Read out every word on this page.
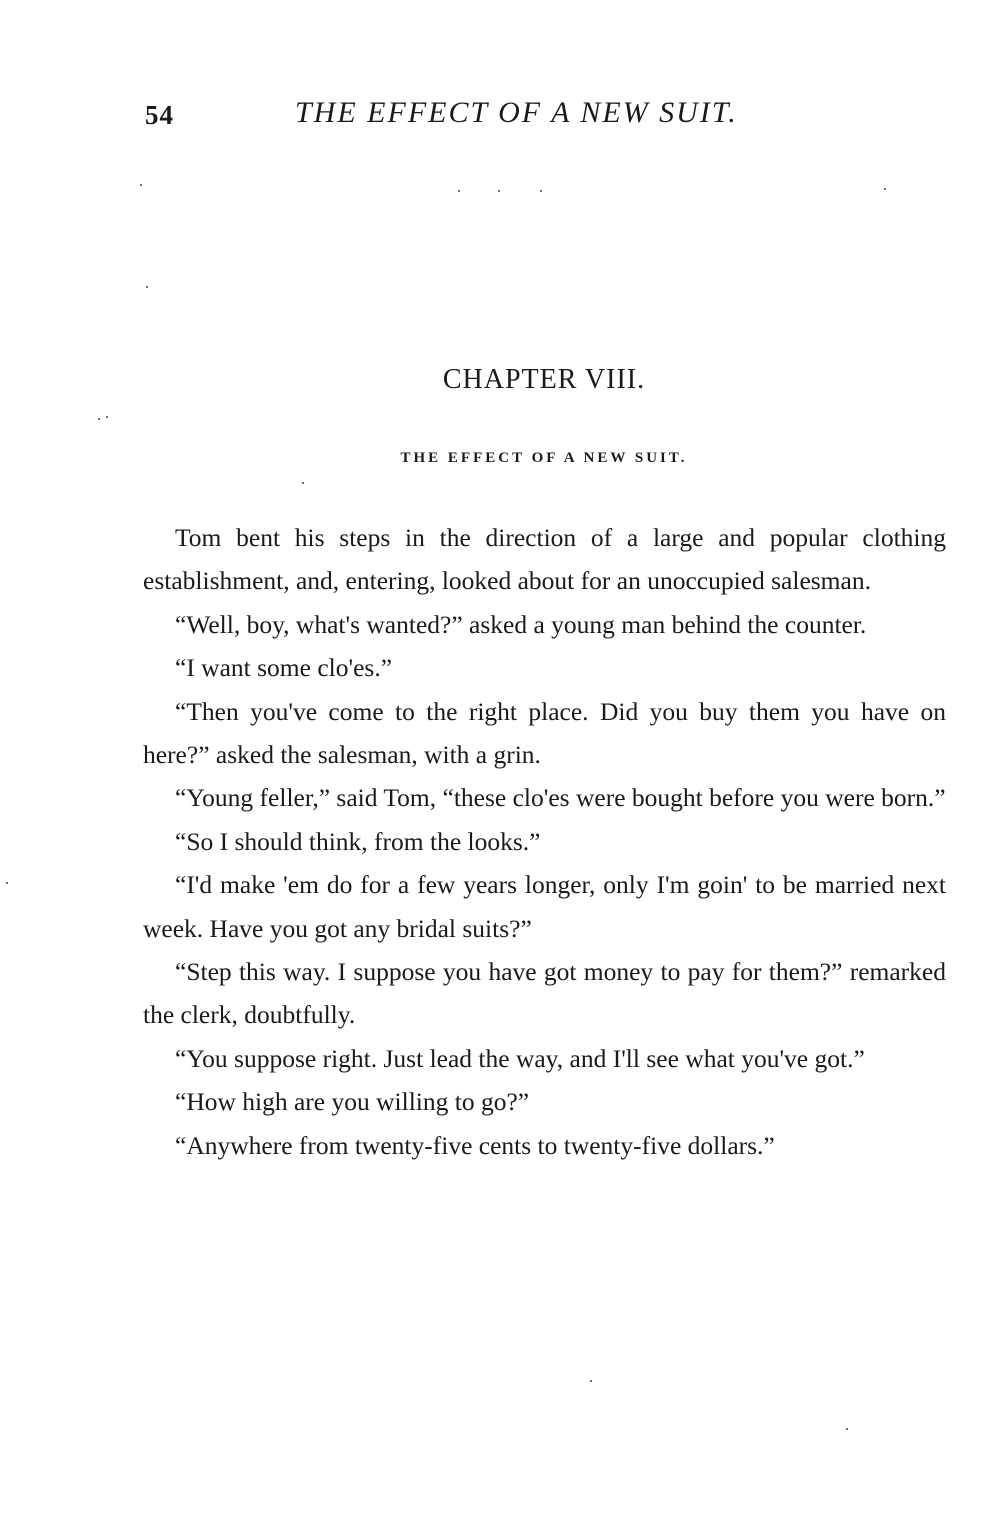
54	THE EFFECT OF A NEW SUIT.
CHAPTER VIII.
THE EFFECT OF A NEW SUIT.

Tom bent his steps in the direction of a large and popular clothing establishment, and, entering, looked about for an unoccupied salesman.

“Well, boy, what's wanted?” asked a young man behind the counter.

“I want some clo'es.”

“Then you've come to the right place. Did you buy them you have on here?” asked the salesman, with a grin.

“Young feller,” said Tom, “these clo'es were bought before you were born.”

“So I should think, from the looks.”

“I'd make 'em do for a few years longer, only I'm goin' to be married next week. Have you got any bridal suits?”

“Step this way. I suppose you have got money to pay for them?” remarked the clerk, doubtfully.

“You suppose right. Just lead the way, and I'll see what you've got.”

“How high are you willing to go?”

“Anywhere from twenty-five cents to twenty-five dollars.”
